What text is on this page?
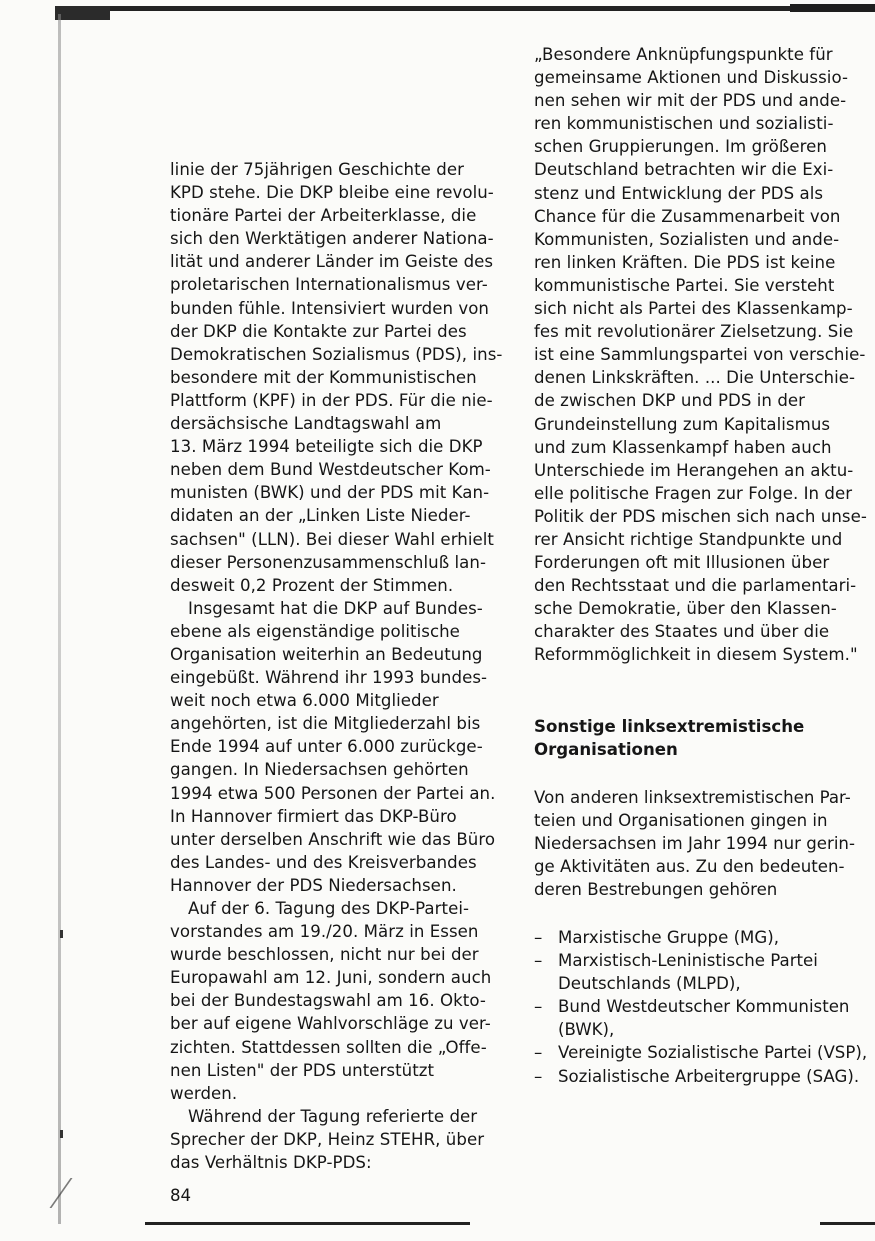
linie der 75jährigen Geschichte der
KPD stehe. Die DKP bleibe eine revolu-
tionäre Partei der Arbeiterklasse, die
sich den Werktätigen anderer Nationa-
lität und anderer Länder im Geiste des
proletarischen Internationalismus ver-
bunden fühle. Intensiviert wurden von
der DKP die Kontakte zur Partei des
Demokratischen Sozialismus (PDS), ins-
besondere mit der Kommunistischen
Plattform (KPF) in der PDS. Für die nie-
dersächsische Landtagswahl am
13. März 1994 beteiligte sich die DKP
neben dem Bund Westdeutscher Kom-
munisten (BWK) und der PDS mit Kan-
didaten an der „Linken Liste Nieder-
sachsen" (LLN). Bei dieser Wahl erhielt
dieser Personenzusammenschluß lan-
desweit 0,2 Prozent der Stimmen.
Insgesamt hat die DKP auf Bundes-
ebene als eigenständige politische
Organisation weiterhin an Bedeutung
eingebüßt. Während ihr 1993 bundes-
weit noch etwa 6.000 Mitglieder
angehörten, ist die Mitgliederzahl bis
Ende 1994 auf unter 6.000 zurückge-
gangen. In Niedersachsen gehörten
1994 etwa 500 Personen der Partei an.
In Hannover firmiert das DKP-Büro
unter derselben Anschrift wie das Büro
des Landes- und des Kreisverbandes
Hannover der PDS Niedersachsen.
Auf der 6. Tagung des DKP-Partei-
vorstandes am 19./20. März in Essen
wurde beschlossen, nicht nur bei der
Europawahl am 12. Juni, sondern auch
bei der Bundestagswahl am 16. Okto-
ber auf eigene Wahlvorschläge zu ver-
zichten. Stattdessen sollten die „Offe-
nen Listen" der PDS unterstützt
werden.
Während der Tagung referierte der
Sprecher der DKP, Heinz STEHR, über
das Verhältnis DKP-PDS:
„Besondere Anknüpfungspunkte für
gemeinsame Aktionen und Diskussio-
nen sehen wir mit der PDS und ande-
ren kommunistischen und sozialisti-
schen Gruppierungen. Im größeren
Deutschland betrachten wir die Exi-
stenz und Entwicklung der PDS als
Chance für die Zusammenarbeit von
Kommunisten, Sozialisten und ande-
ren linken Kräften. Die PDS ist keine
kommunistische Partei. Sie versteht
sich nicht als Partei des Klassenkamp-
fes mit revolutionärer Zielsetzung. Sie
ist eine Sammlungspartei von verschie-
denen Linkskräften. ... Die Unterschie-
de zwischen DKP und PDS in der
Grundeinstellung zum Kapitalismus
und zum Klassenkampf haben auch
Unterschiede im Herangehen an aktu-
elle politische Fragen zur Folge. In der
Politik der PDS mischen sich nach unse-
rer Ansicht richtige Standpunkte und
Forderungen oft mit Illusionen über
den Rechtsstaat und die parlamentari-
sche Demokratie, über den Klassen-
charakter des Staates und über die
Reformmöglichkeit in diesem System."
Sonstige linksextremistische
Organisationen
Von anderen linksextremistischen Par-
teien und Organisationen gingen in
Niedersachsen im Jahr 1994 nur gerin-
ge Aktivitäten aus. Zu den bedeuten-
deren Bestrebungen gehören
– Marxistische Gruppe (MG),
– Marxistisch-Leninistische Partei
Deutschlands (MLPD),
– Bund Westdeutscher Kommunisten
(BWK),
– Vereinigte Sozialistische Partei (VSP),
– Sozialistische Arbeitergruppe (SAG).
84
